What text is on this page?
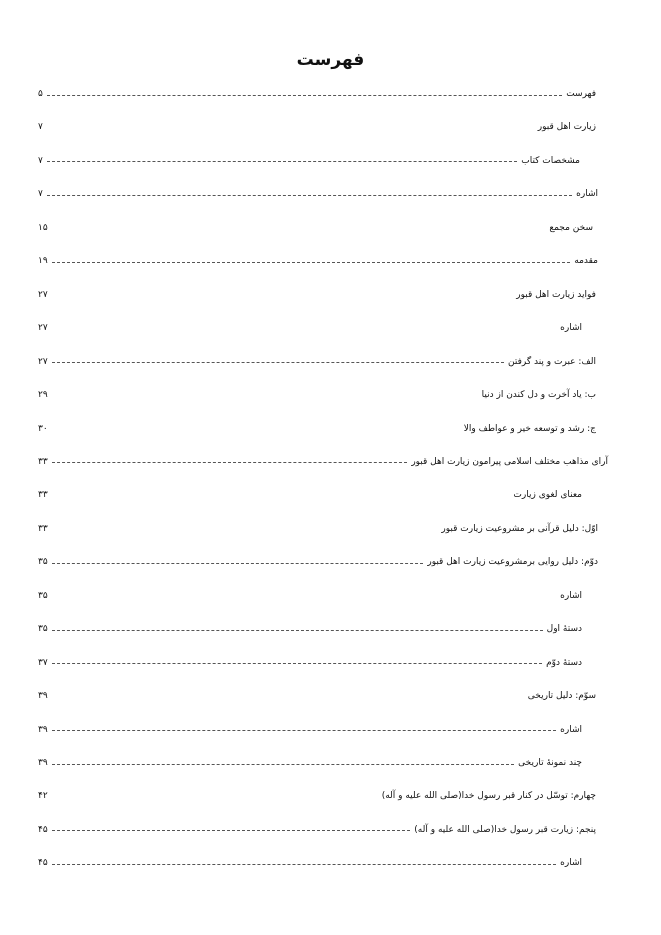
فهرست
فهرست
۵
زیارت اهل قبور
۷
مشخصات کتاب
۷
اشاره
۷
سخن مجمع
۱۵
مقدمه
۱۹
فواید زیارت اهل قبور
۲۷
اشاره
۲۷
الف: عبرت و پند گرفتن
۲۷
ب: یاد آخرت و دل کندن از دنیا
۲۹
ج: رشد و توسعه خیر و عواطف والا
۳۰
آرای مذاهب مختلف اسلامی پیرامون زیارت اهل قبور
۳۳
معنای لغوی زیارت
۳۳
اوّل: دلیل قرآنی بر مشروعیت زیارت قبور
۳۳
دوّم: دلیل روایی برمشروعیت زیارت اهل قبور
۳۵
اشاره
۳۵
دستهٔ اول
۳۵
دستهٔ دوّم
۳۷
سوّم: دلیل تاریخی
۳۹
اشاره
۳۹
چند نمونهٔ تاریخی
۳۹
چهارم: توسّل در کنار قبر رسول خدا(صلی الله علیه و آله)
۴۲
پنجم: زیارت قبر رسول خدا(صلی الله علیه و آله)
۴۵
اشاره
۴۵
